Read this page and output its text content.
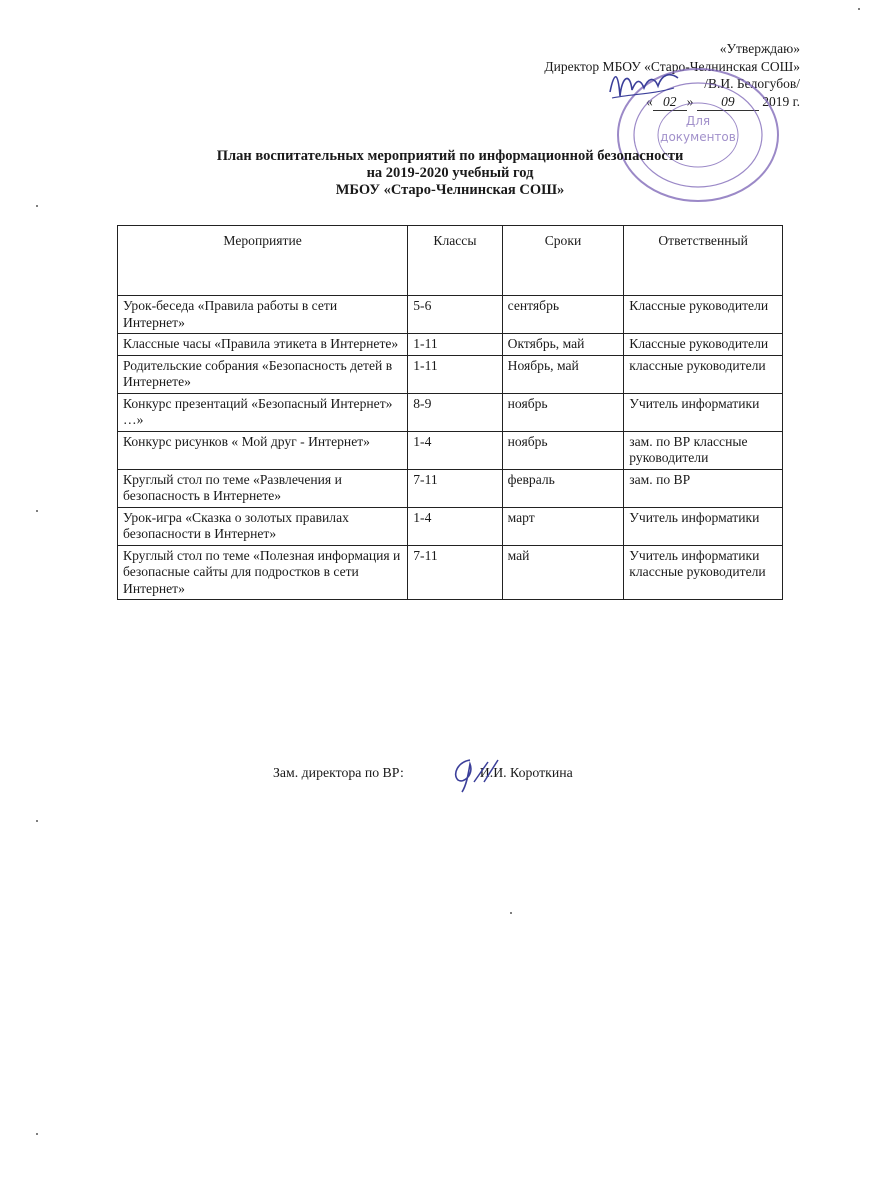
«Утверждаю»
Директор МБОУ «Старо-Челнинская СОШ»
/В.И. Белогубов/
« 02 » 09 2019 г.
Для
документов
План воспитательных мероприятий по информационной безопасности
на 2019-2020 учебный год
МБОУ «Старо-Челнинская СОШ»
Мероприятие	Классы	Сроки	Ответственный
Урок-беседа «Правила работы в сети Интернет»	5-6	сентябрь	Классные руководители
Классные часы «Правила этикета в Интернете»	1-11	Октябрь, май	Классные руководители
Родительские собрания «Безопасность детей в Интернете»	1-11	Ноябрь, май	классные руководители
Конкурс презентаций «Безопасный Интернет» …»	8-9	ноябрь	Учитель информатики
Конкурс рисунков « Мой друг - Интернет»	1-4	ноябрь	зам. по ВР классные руководители
Круглый стол по теме «Развлечения и безопасность в Интернете»	7-11	февраль	зам. по ВР
Урок-игра «Сказка о золотых правилах безопасности в Интернет»	1-4	март	Учитель информатики
Круглый стол по теме «Полезная информация и безопасные сайты для подростков в сети Интернет»	7-11	май	Учитель информатики классные руководители
Зам. директора по ВР:	И.И. Короткина
